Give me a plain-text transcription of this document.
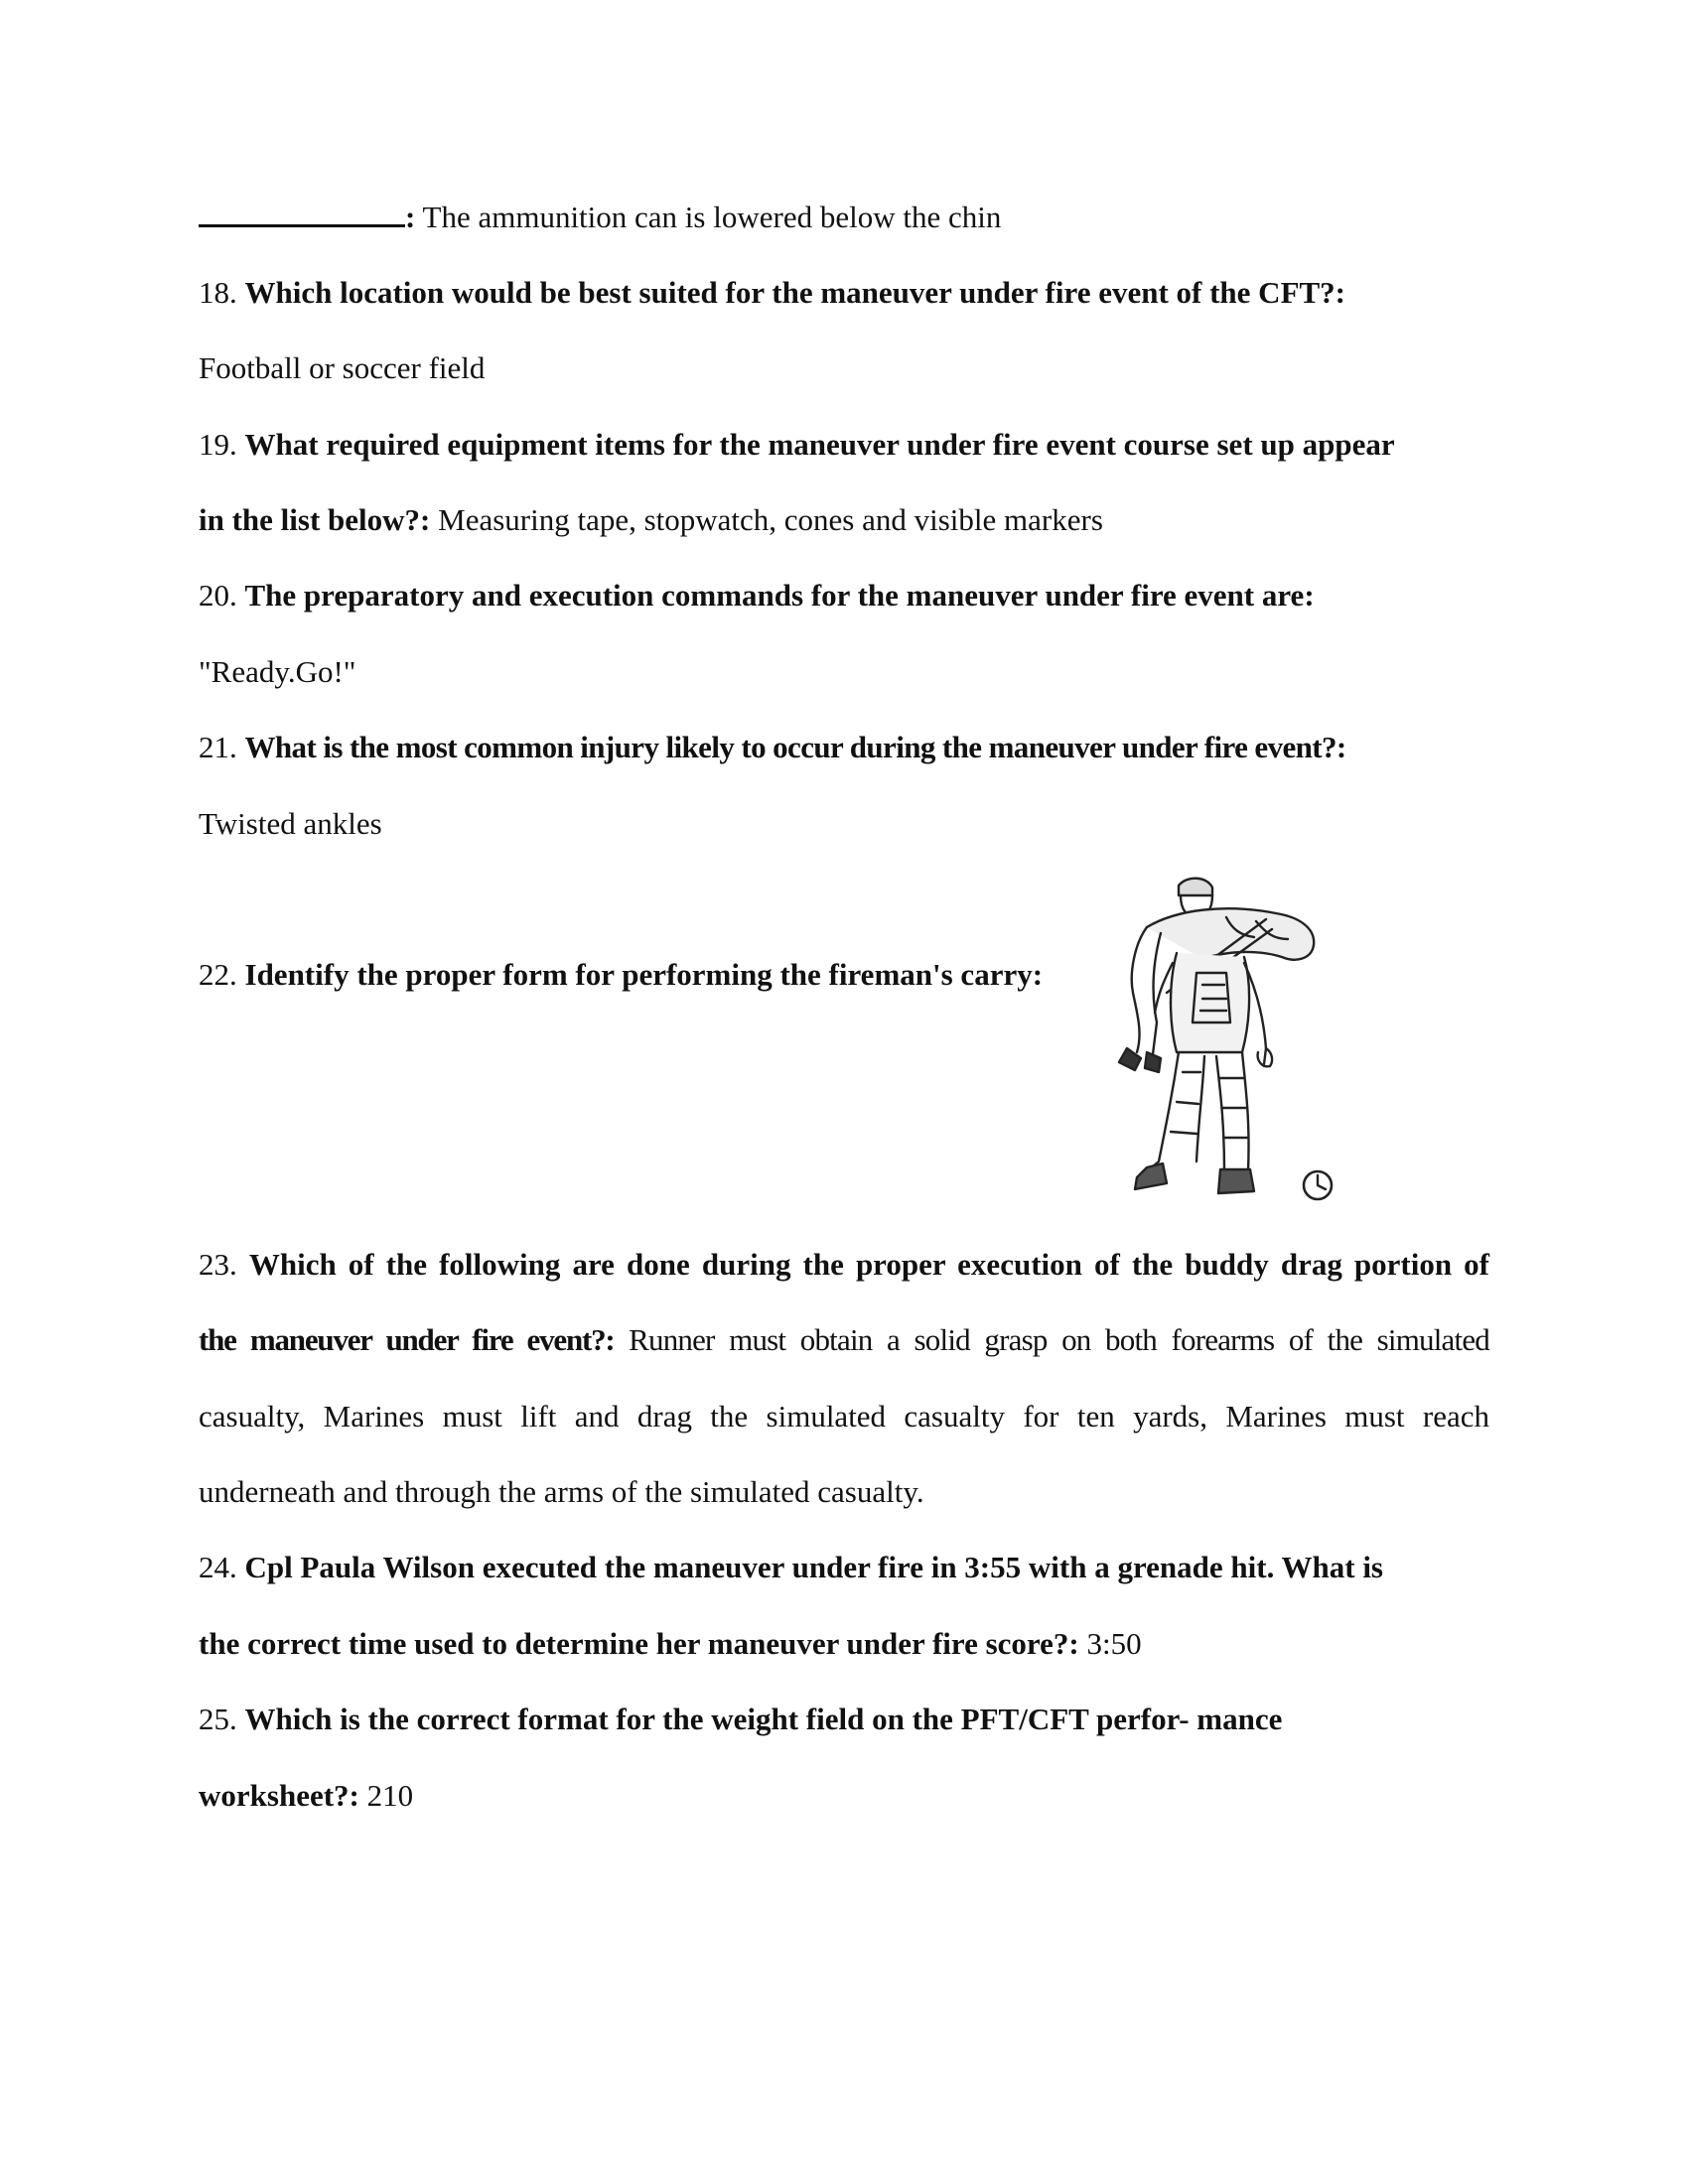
: The ammunition can is lowered below the chin
18. Which location would be best suited for the maneuver under fire event of the CFT?:
Football or soccer field
19. What required equipment items for the maneuver under fire event course set up appear
in the list below?: Measuring tape, stopwatch, cones and visible markers
20. The preparatory and execution commands for the maneuver under fire event are:
"Ready.Go!"
21. What is the most common injury likely to occur during the maneuver under fire event?:
Twisted ankles
22. Identify the proper form for performing the fireman's carry:
23. Which of the following are done during the proper execution of the buddy drag portion of
the maneuver under fire event?: Runner must obtain a solid grasp on both forearms of the simulated
casualty, Marines must lift and drag the simulated casualty for ten yards, Marines must reach
underneath and through the arms of the simulated casualty.
24. Cpl Paula Wilson executed the maneuver under fire in 3:55 with a grenade hit. What is
the correct time used to determine her maneuver under fire score?: 3:50
25. Which is the correct format for the weight field on the PFT/CFT perfor- mance
worksheet?: 210
